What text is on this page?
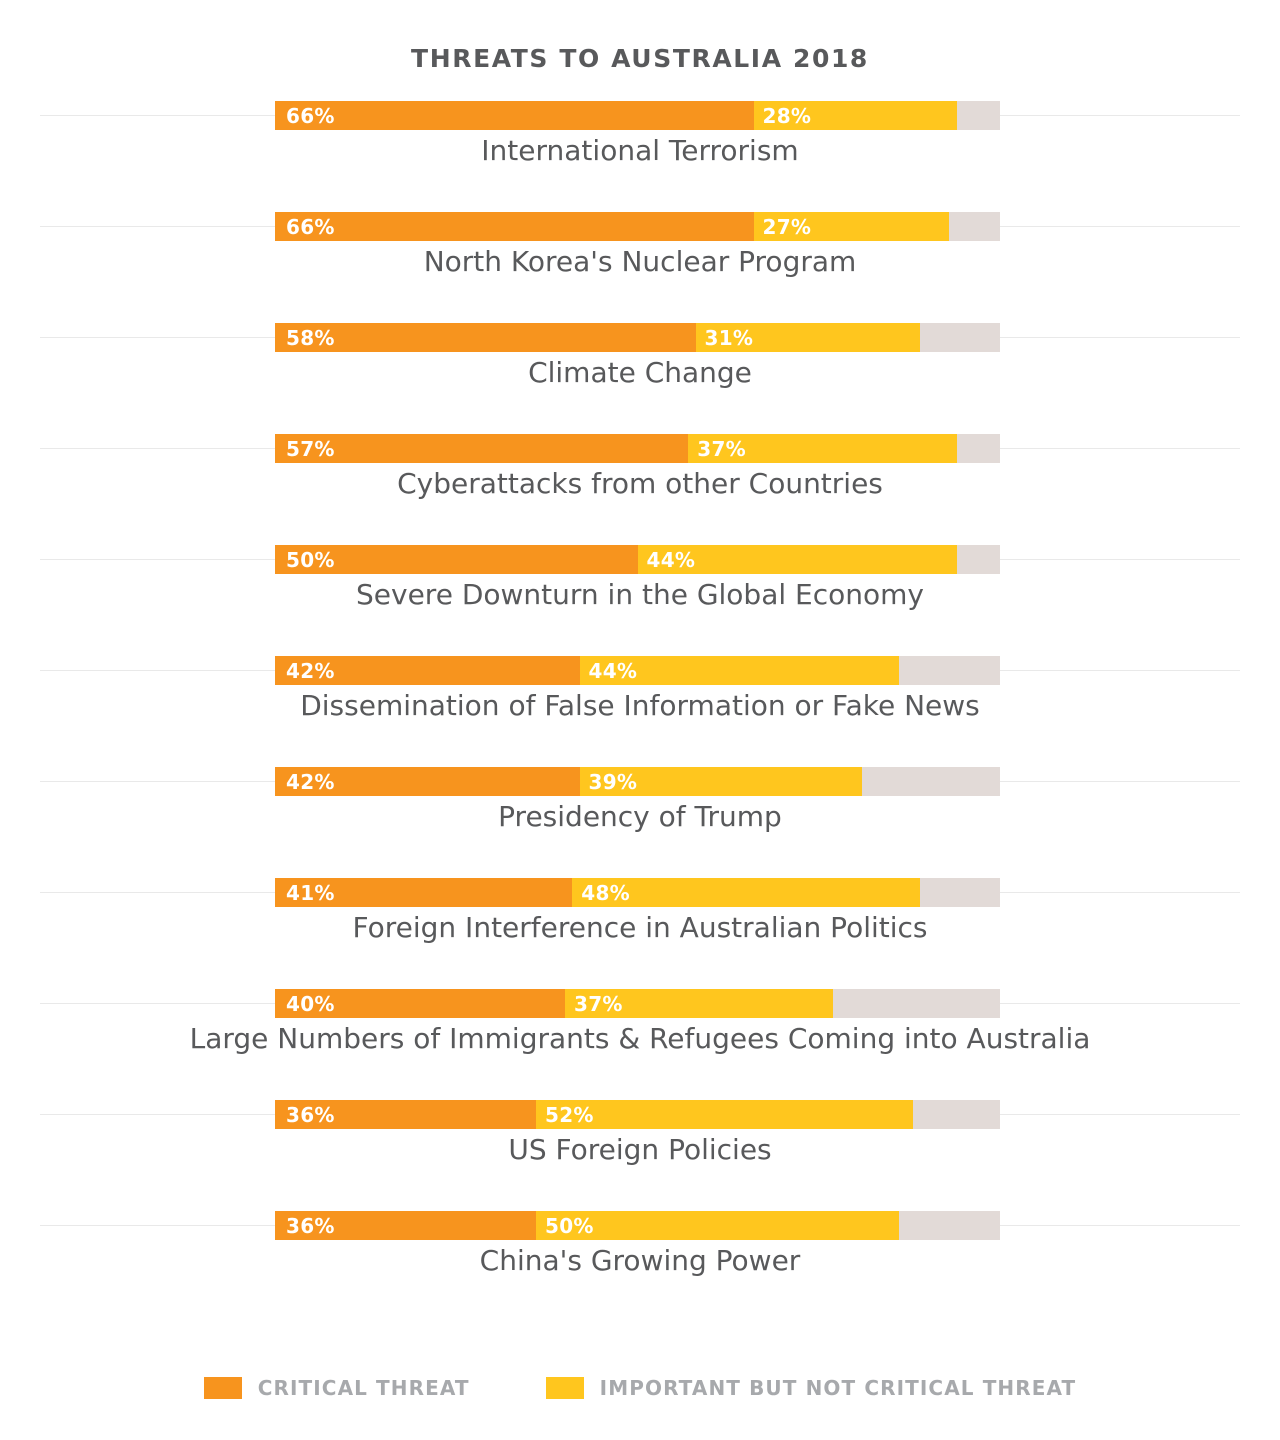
THREATS TO AUSTRALIA 2018
66%	28%
International Terrorism
66%	27%
North Korea's Nuclear Program
58%	31%
Climate Change
57%	37%
Cyberattacks from other Countries
50%	44%
Severe Downturn in the Global Economy
42%	44%
Dissemination of False Information or Fake News
42%	39%
Presidency of Trump
41%	48%
Foreign Interference in Australian Politics
40%	37%
Large Numbers of Immigrants & Refugees Coming into Australia
36%	52%
US Foreign Policies
36%	50%
China's Growing Power
CRITICAL THREAT	IMPORTANT BUT NOT CRITICAL THREAT
